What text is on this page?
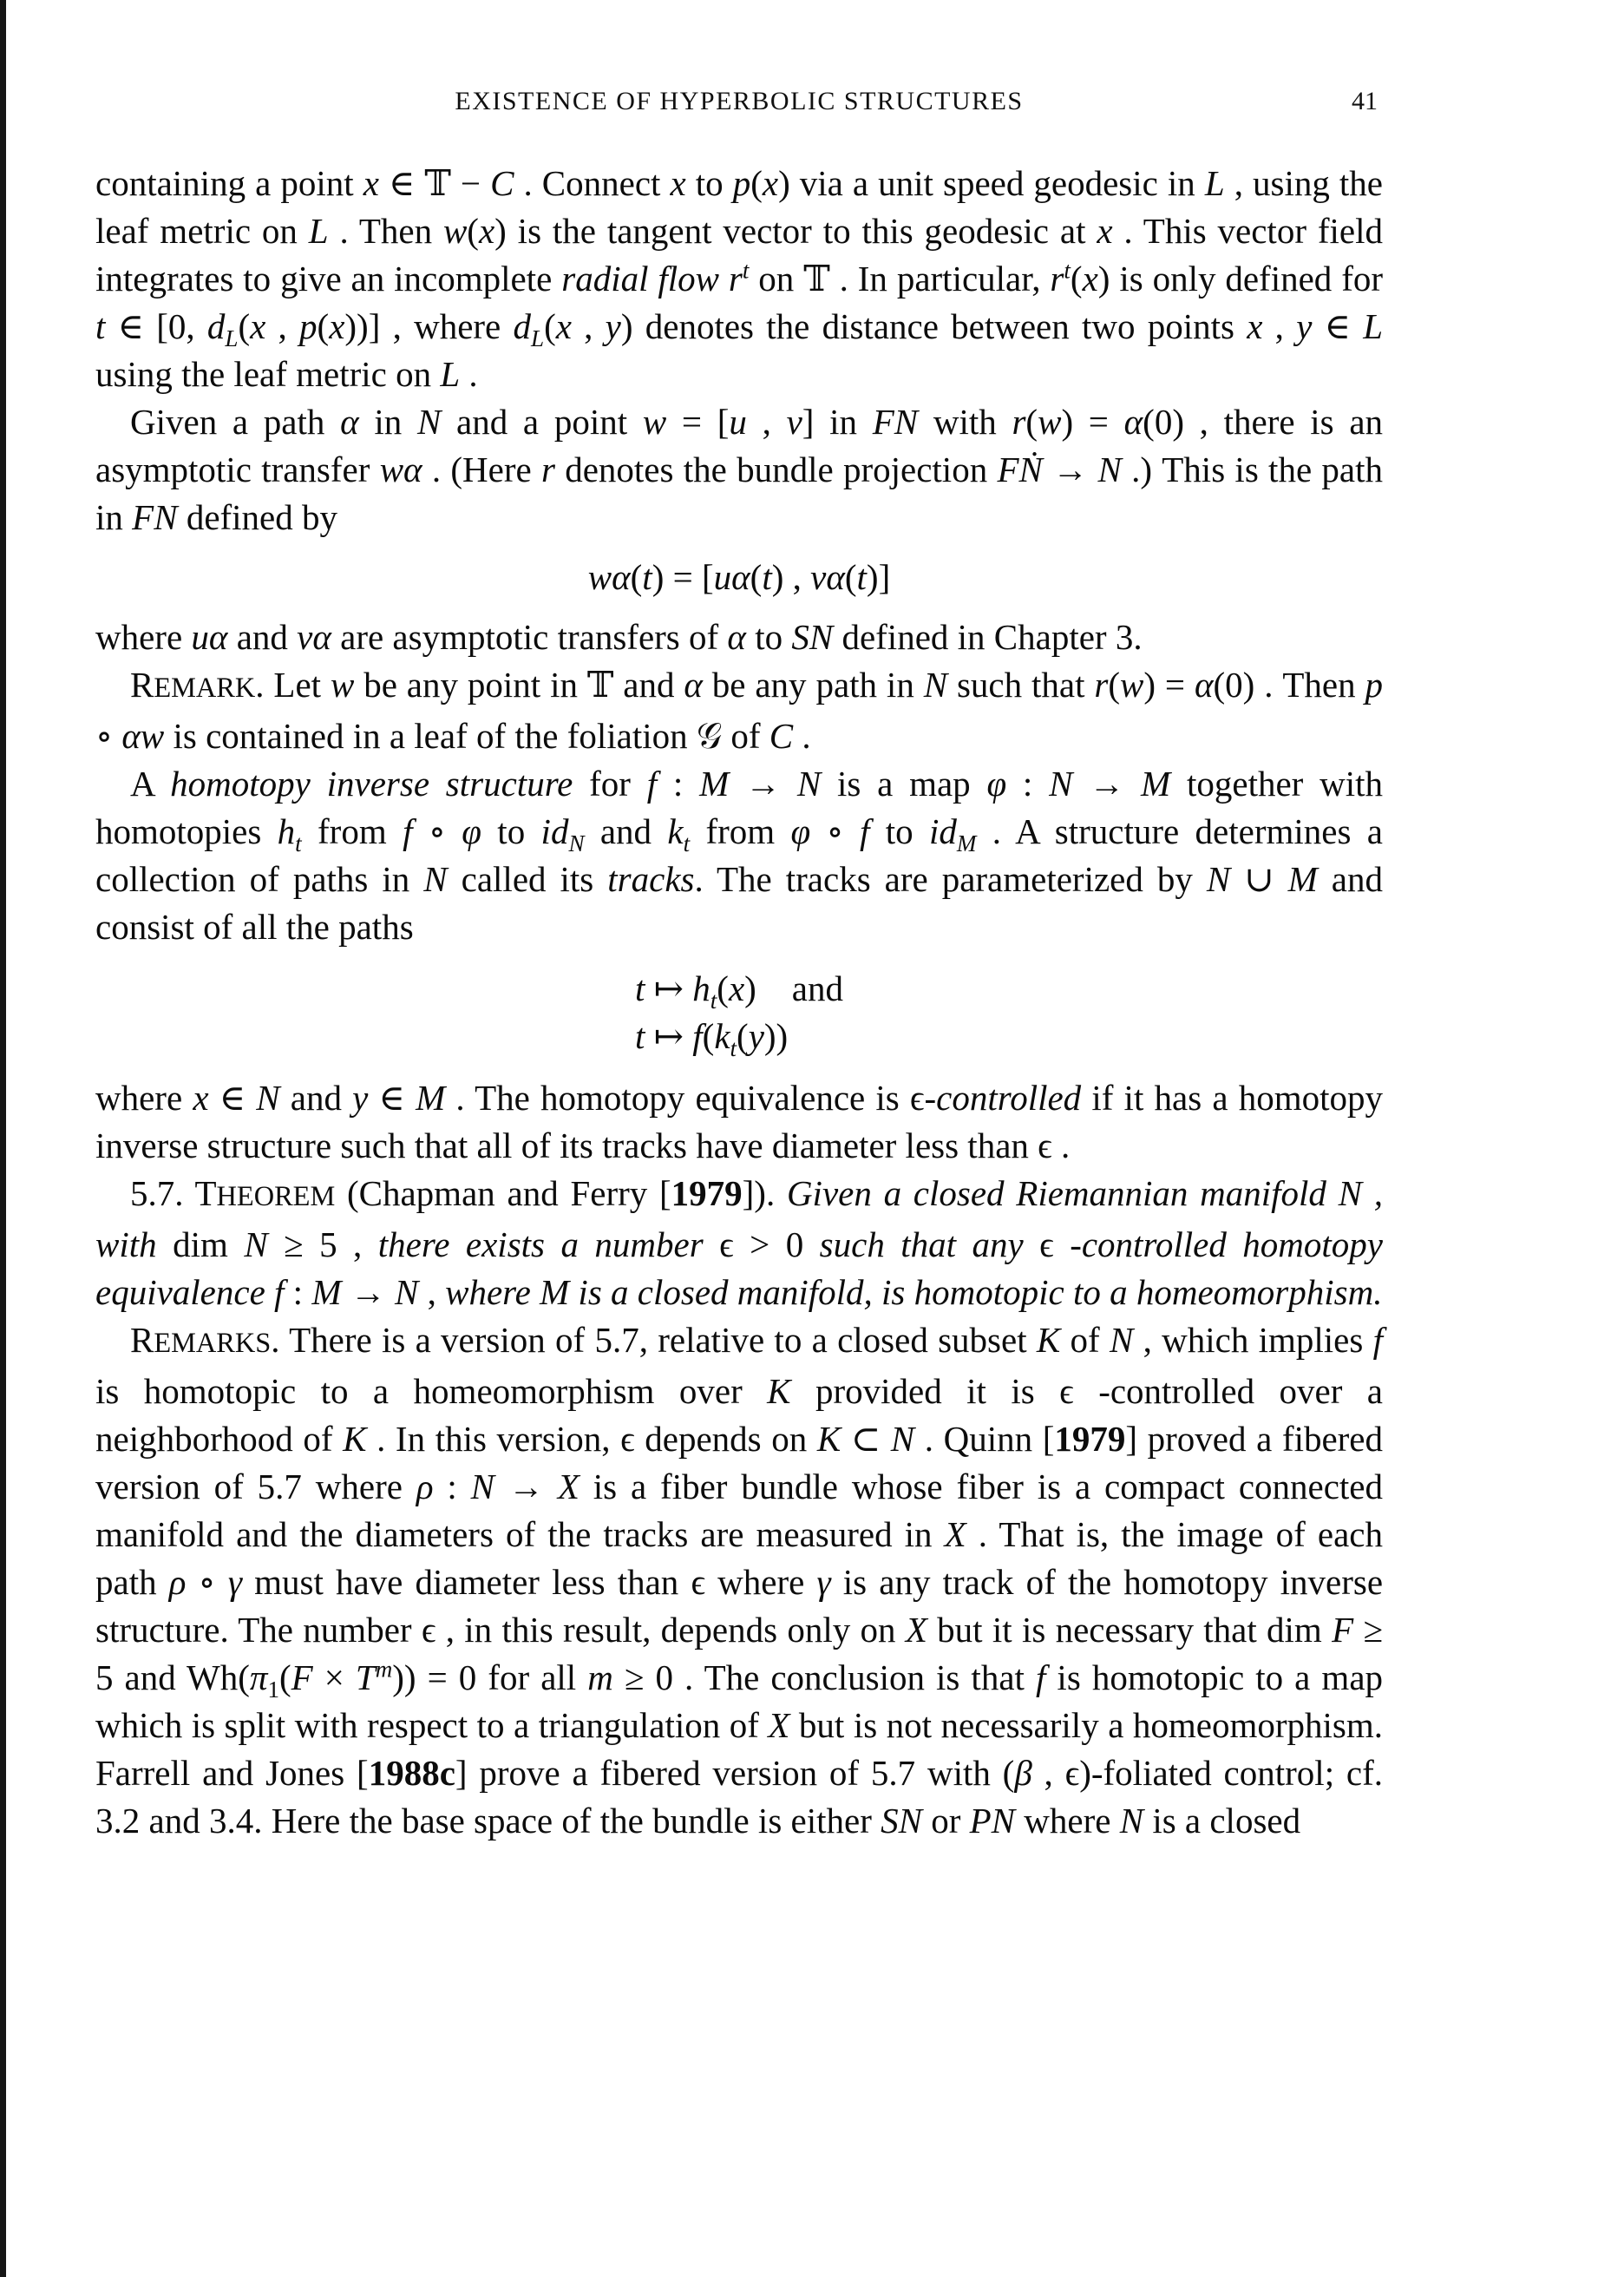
EXISTENCE OF HYPERBOLIC STRUCTURES	41

containing a point x ∈ 𝕋 − C . Connect x to p(x) via a unit speed geodesic in L , using the leaf metric on L . Then w(x) is the tangent vector to this geodesic at x . This vector field integrates to give an incomplete radial flow $r^t$ on 𝕋 . In particular, $r^t(x)$ is only defined for t ∈ [0, $d_L(x$ , p(x))] , where $d_L(x$ , y) denotes the distance between two points x , y ∈ L using the leaf metric on L .

Given a path α in N and a point w = [u , v] in FN with r(w) = α(0) , there is an asymptotic transfer wα . (Here r denotes the bundle projection FṄ → N .) This is the path in FN defined by

wα(t) = [uα(t) , vα(t)]

where uα and vα are asymptotic transfers of α to SN defined in Chapter 3.

REMARK. Let w be any point in 𝕋 and α be any path in N such that r(w) = α(0) . Then p ∘ αw is contained in a leaf of the foliation 𝒢 of C .

A homotopy inverse structure for f : M → N is a map φ : N → M together with homotopies $h_t$ from f ∘ φ to $id_N$ and $k_t$ from φ ∘ f to $id_M$ . A structure determines a collection of paths in N called its tracks. The tracks are parameterized by N ∪ M and consist of all the paths

t ↦ $h_t(x)$    and
t ↦ $f(k_t(y))$

where x ∈ N and y ∈ M . The homotopy equivalence is ϵ-controlled if it has a homotopy inverse structure such that all of its tracks have diameter less than ϵ .

5.7. THEOREM (Chapman and Ferry [1979]). Given a closed Riemannian manifold N , with dim N ≥ 5 , there exists a number ϵ > 0 such that any ϵ -controlled homotopy equivalence f : M → N , where M is a closed manifold, is homotopic to a homeomorphism.

REMARKS. There is a version of 5.7, relative to a closed subset K of N , which implies f is homotopic to a homeomorphism over K provided it is ϵ -controlled over a neighborhood of K . In this version, ϵ depends on K ⊂ N . Quinn [1979] proved a fibered version of 5.7 where ρ : N → X is a fiber bundle whose fiber is a compact connected manifold and the diameters of the tracks are measured in X . That is, the image of each path ρ ∘ γ must have diameter less than ϵ where γ is any track of the homotopy inverse structure. The number ϵ , in this result, depends only on X but it is necessary that dim F ≥ 5 and $Wh(\pi_1(F \times T^m)) = 0$ for all m ≥ 0 . The conclusion is that f is homotopic to a map which is split with respect to a triangulation of X but is not necessarily a homeomorphism. Farrell and Jones [1988c] prove a fibered version of 5.7 with (β , ϵ)-foliated control; cf. 3.2 and 3.4. Here the base space of the bundle is either SN or PN where N is a closed
